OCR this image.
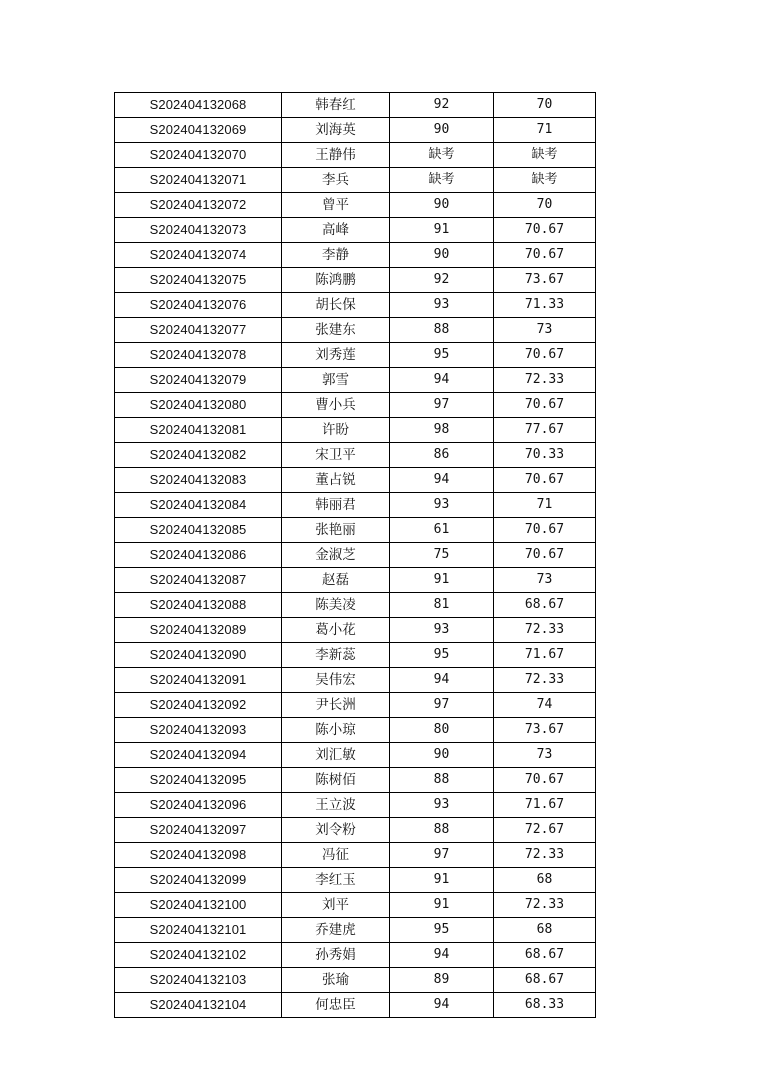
S202404132068	韩春红	92	70
S202404132069	刘海英	90	71
S202404132070	王静伟	缺考	缺考
S202404132071	李兵	缺考	缺考
S202404132072	曾平	90	70
S202404132073	高峰	91	70.67
S202404132074	李静	90	70.67
S202404132075	陈鸿鹏	92	73.67
S202404132076	胡长保	93	71.33
S202404132077	张建东	88	73
S202404132078	刘秀莲	95	70.67
S202404132079	郭雪	94	72.33
S202404132080	曹小兵	97	70.67
S202404132081	许盼	98	77.67
S202404132082	宋卫平	86	70.33
S202404132083	董占锐	94	70.67
S202404132084	韩丽君	93	71
S202404132085	张艳丽	61	70.67
S202404132086	金淑芝	75	70.67
S202404132087	赵磊	91	73
S202404132088	陈美凌	81	68.67
S202404132089	葛小花	93	72.33
S202404132090	李新蕊	95	71.67
S202404132091	吴伟宏	94	72.33
S202404132092	尹长洲	97	74
S202404132093	陈小琼	80	73.67
S202404132094	刘汇敏	90	73
S202404132095	陈树佰	88	70.67
S202404132096	王立波	93	71.67
S202404132097	刘令粉	88	72.67
S202404132098	冯征	97	72.33
S202404132099	李红玉	91	68
S202404132100	刘平	91	72.33
S202404132101	乔建虎	95	68
S202404132102	孙秀娟	94	68.67
S202404132103	张瑜	89	68.67
S202404132104	何忠臣	94	68.33
